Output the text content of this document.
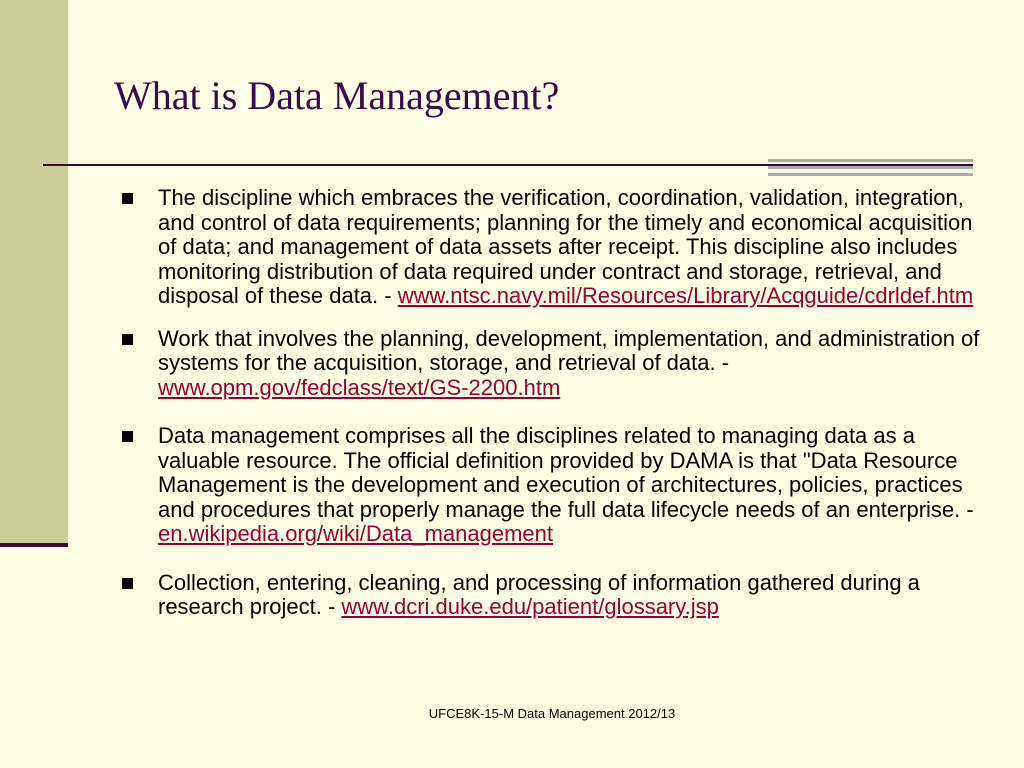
What is Data Management?
The discipline which embraces the verification, coordination, validation, integration, and control of data requirements; planning for the timely and economical acquisition of data; and management of data assets after receipt. This discipline also includes monitoring distribution of data required under contract and storage, retrieval, and disposal of these data. - www.ntsc.navy.mil/Resources/Library/Acqguide/cdrldef.htm
Work that involves the planning, development, implementation, and administration of systems for the acquisition, storage, and retrieval of data. - www.opm.gov/fedclass/text/GS-2200.htm
Data management comprises all the disciplines related to managing data as a valuable resource. The official definition provided by DAMA is that "Data Resource Management is the development and execution of architectures, policies, practices and procedures that properly manage the full data lifecycle needs of an enterprise. - en.wikipedia.org/wiki/Data_management
Collection, entering, cleaning, and processing of information gathered during a research project. - www.dcri.duke.edu/patient/glossary.jsp
UFCE8K-15-M Data Management 2012/13
